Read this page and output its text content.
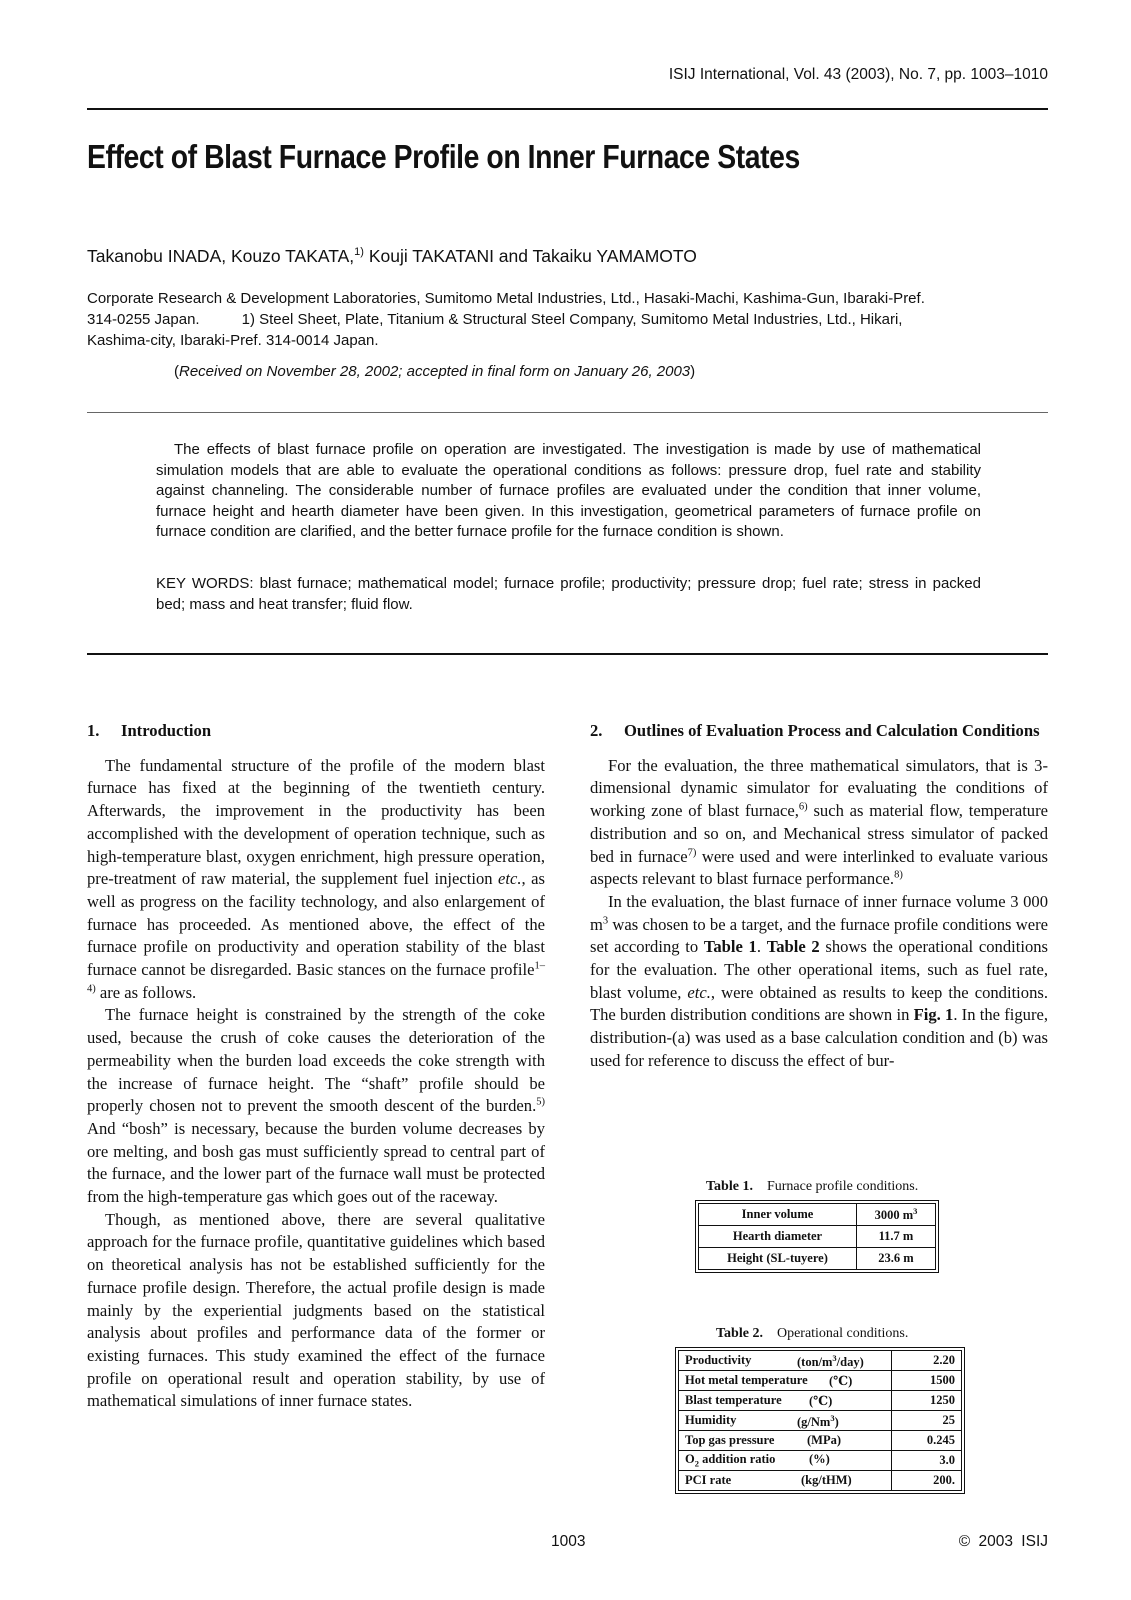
ISIJ International, Vol. 43 (2003), No. 7, pp. 1003–1010
Effect of Blast Furnace Profile on Inner Furnace States
Takanobu INADA, Kouzo TAKATA,$^{1)}$ Kouji TAKATANI and Takaiku YAMAMOTO

Corporate Research & Development Laboratories, Sumitomo Metal Industries, Ltd., Hasaki-Machi, Kashima-Gun, Ibaraki-Pref.
314-0255 Japan.	1) Steel Sheet, Plate, Titanium & Structural Steel Company, Sumitomo Metal Industries, Ltd., Hikari,
Kashima-city, Ibaraki-Pref. 314-0014 Japan.

(Received on November 28, 2002; accepted in final form on January 26, 2003)

The effects of blast furnace profile on operation are investigated. The investigation is made by use of mathematical simulation models that are able to evaluate the operational conditions as follows: pressure drop, fuel rate and stability against channeling. The considerable number of furnace profiles are evaluated under the condition that inner volume, furnace height and hearth diameter have been given. In this investigation, geometrical parameters of furnace profile on furnace condition are clarified, and the better furnace profile for the furnace condition is shown.

KEY WORDS: blast furnace; mathematical model; furnace profile; productivity; pressure drop; fuel rate; stress in packed bed; mass and heat transfer; fluid flow.

1.	Introduction

The fundamental structure of the profile of the modern blast furnace has fixed at the beginning of the twentieth century. Afterwards, the improvement in the productivity has been accomplished with the development of operation technique, such as high-temperature blast, oxygen enrichment, high pressure operation, pre-treatment of raw material, the supplement fuel injection etc., as well as progress on the facility technology, and also enlargement of furnace has proceeded. As mentioned above, the effect of the furnace profile on productivity and operation stability of the blast furnace cannot be disregarded. Basic stances on the furnace profile$^{1-4)}$ are as follows.

The furnace height is constrained by the strength of the coke used, because the crush of coke causes the deterioration of the permeability when the burden load exceeds the coke strength with the increase of furnace height. The “shaft” profile should be properly chosen not to prevent the smooth descent of the burden.$^{5)}$ And “bosh” is necessary, because the burden volume decreases by ore melting, and bosh gas must sufficiently spread to central part of the furnace, and the lower part of the furnace wall must be protected from the high-temperature gas which goes out of the raceway.

Though, as mentioned above, there are several qualitative approach for the furnace profile, quantitative guidelines which based on theoretical analysis has not be established sufficiently for the furnace profile design. Therefore, the actual profile design is made mainly by the experiential judgments based on the statistical analysis about profiles and performance data of the former or existing furnaces. This study examined the effect of the furnace profile on operational result and operation stability, by use of mathematical simulations of inner furnace states.

2.	Outlines of Evaluation Process and Calculation Conditions

For the evaluation, the three mathematical simulators, that is 3-dimensional dynamic simulator for evaluating the conditions of working zone of blast furnace,$^{6)}$ such as material flow, temperature distribution and so on, and Mechanical stress simulator of packed bed in furnace$^{7)}$ were used and were interlinked to evaluate various aspects relevant to blast furnace performance.$^{8)}$

In the evaluation, the blast furnace of inner furnace volume 3 000 m$^3$ was chosen to be a target, and the furnace profile conditions were set according to Table 1. Table 2 shows the operational conditions for the evaluation. The other operational items, such as fuel rate, blast volume, etc., were obtained as results to keep the conditions. The burden distribution conditions are shown in Fig. 1. In the figure, distribution-(a) was used as a base calculation condition and (b) was used for reference to discuss the effect of bur-

Table 1. Furnace profile conditions.
Inner volume	3000 $m^3$
Hearth diameter	11.7 m
Height (SL-tuyere)	23.6 m
Table 2. Operational conditions.
Productivity $(ton/m^3/day)$	2.20
Hot metal temperature (℃)	1500
Blast temperature (℃)	1250
Humidity (g/Nm$^3$)	25
Top gas pressure (MPa)	0.245
$O_2$ addition ratio (%)	3.0
PCI rate (kg/tHM)	200.
1003	© 2003 ISIJ
